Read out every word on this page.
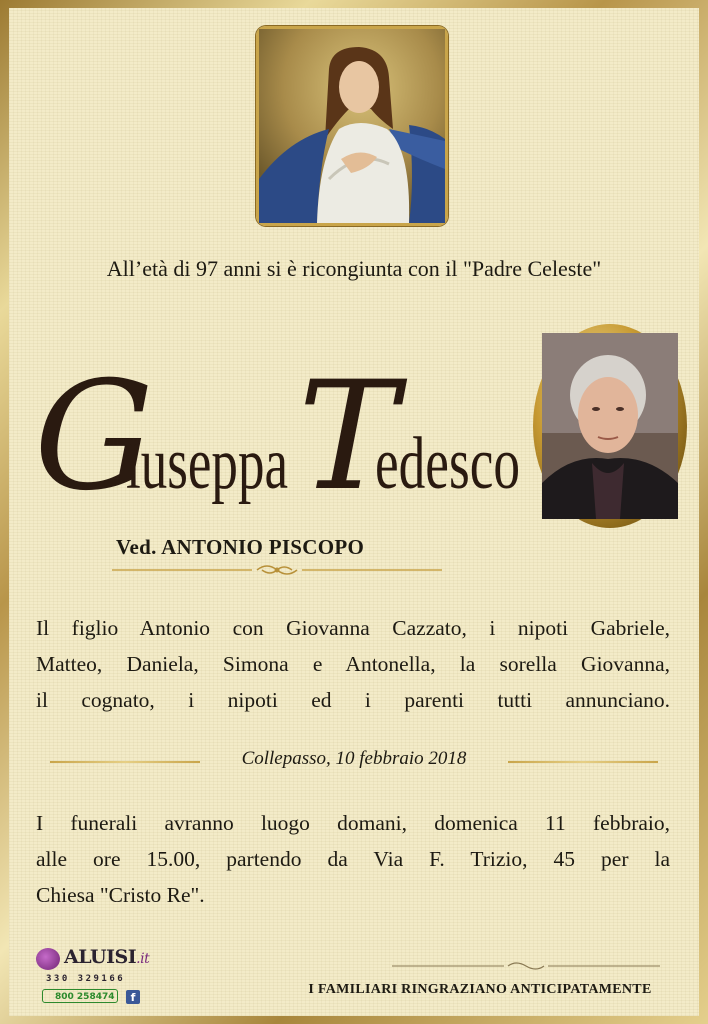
All’età di 97 anni si è ricongiunta con il "Padre Celeste"
G
iuseppa T
edesco
Ved. ANTONIO PISCOPO
Il figlio Antonio con Giovanna Cazzato, i nipoti Gabriele,
Matteo, Daniela, Simona e Antonella, la sorella Giovanna,
il cognato, i nipoti ed i parenti tutti annunciano.
Collepasso, 10 febbraio 2018
I funerali avranno luogo domani, domenica 11 febbraio,
alle ore 15.00, partendo da Via F. Trizio, 45 per la
Chiesa "Cristo Re".
I FAMILIARI RINGRAZIANO ANTICIPATAMENTE
ALUISI.it
330 329166
800 258474	f
